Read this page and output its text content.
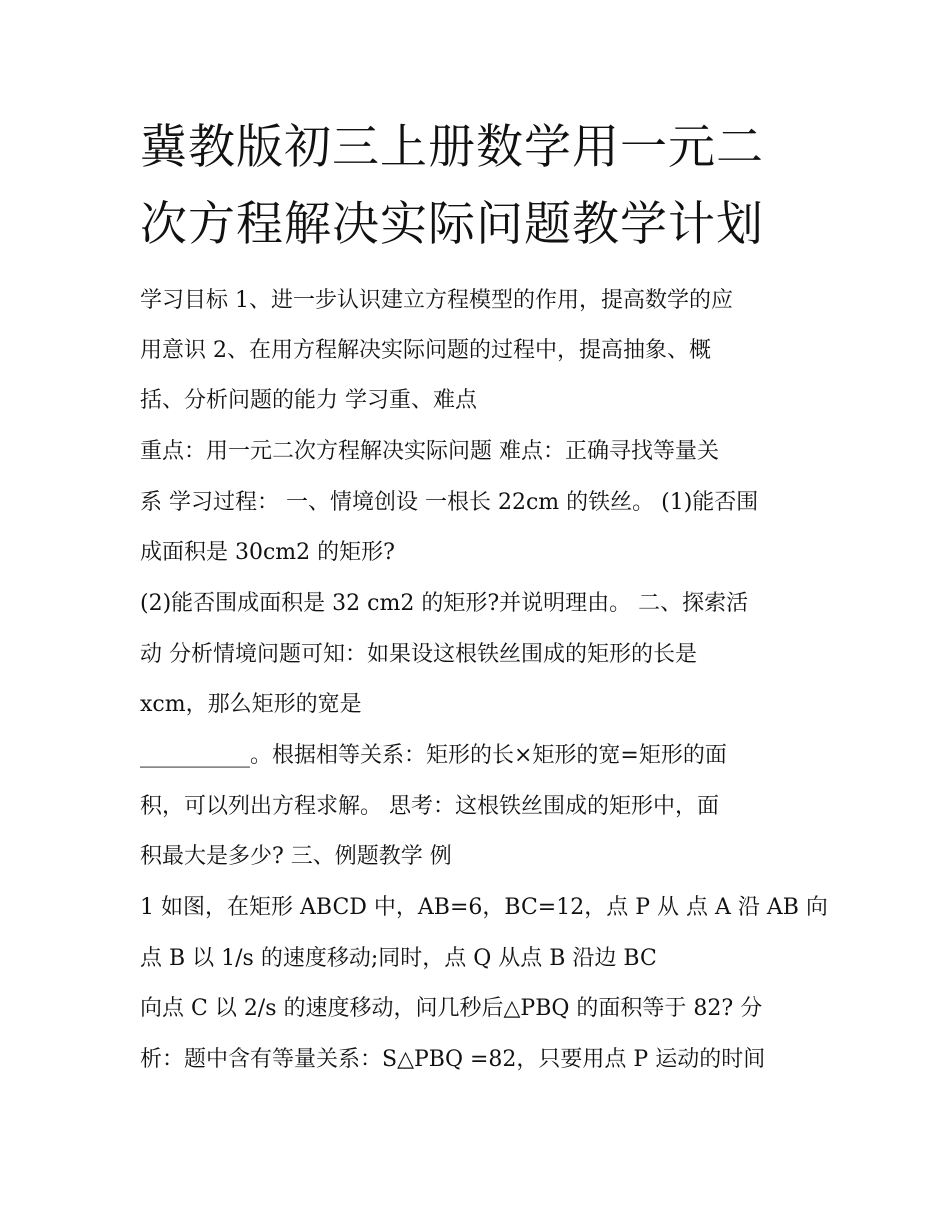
冀教版初三上册数学用一元二
次方程解决实际问题教学计划
学习目标 1、进一步认识建立方程模型的作用，提高数学的应
用意识 2、在用方程解决实际问题的过程中，提高抽象、概
括、分析问题的能力 学习重、难点
重点：用一元二次方程解决实际问题 难点：正确寻找等量关
系 学习过程： 一、情境创设 一根长 22cm 的铁丝。 (1)能否围
成面积是 30cm2 的矩形?
(2)能否围成面积是 32 cm2 的矩形?并说明理由。 二、探索活
动 分析情境问题可知：如果设这根铁丝围成的矩形的长是
xcm，那么矩形的宽是
__________。根据相等关系：矩形的长×矩形的宽=矩形的面
积，可以列出方程求解。 思考：这根铁丝围成的矩形中，面
积最大是多少? 三、例题教学 例
1 如图，在矩形 ABCD 中，AB=6，BC=12，点 P 从 点 A 沿 AB 向
点 B 以 1/s 的速度移动;同时，点 Q 从点 B 沿边 BC
向点 C 以 2/s 的速度移动，问几秒后△PBQ 的面积等于 82? 分
析：题中含有等量关系：S△PBQ =82，只要用点 P 运动的时间
